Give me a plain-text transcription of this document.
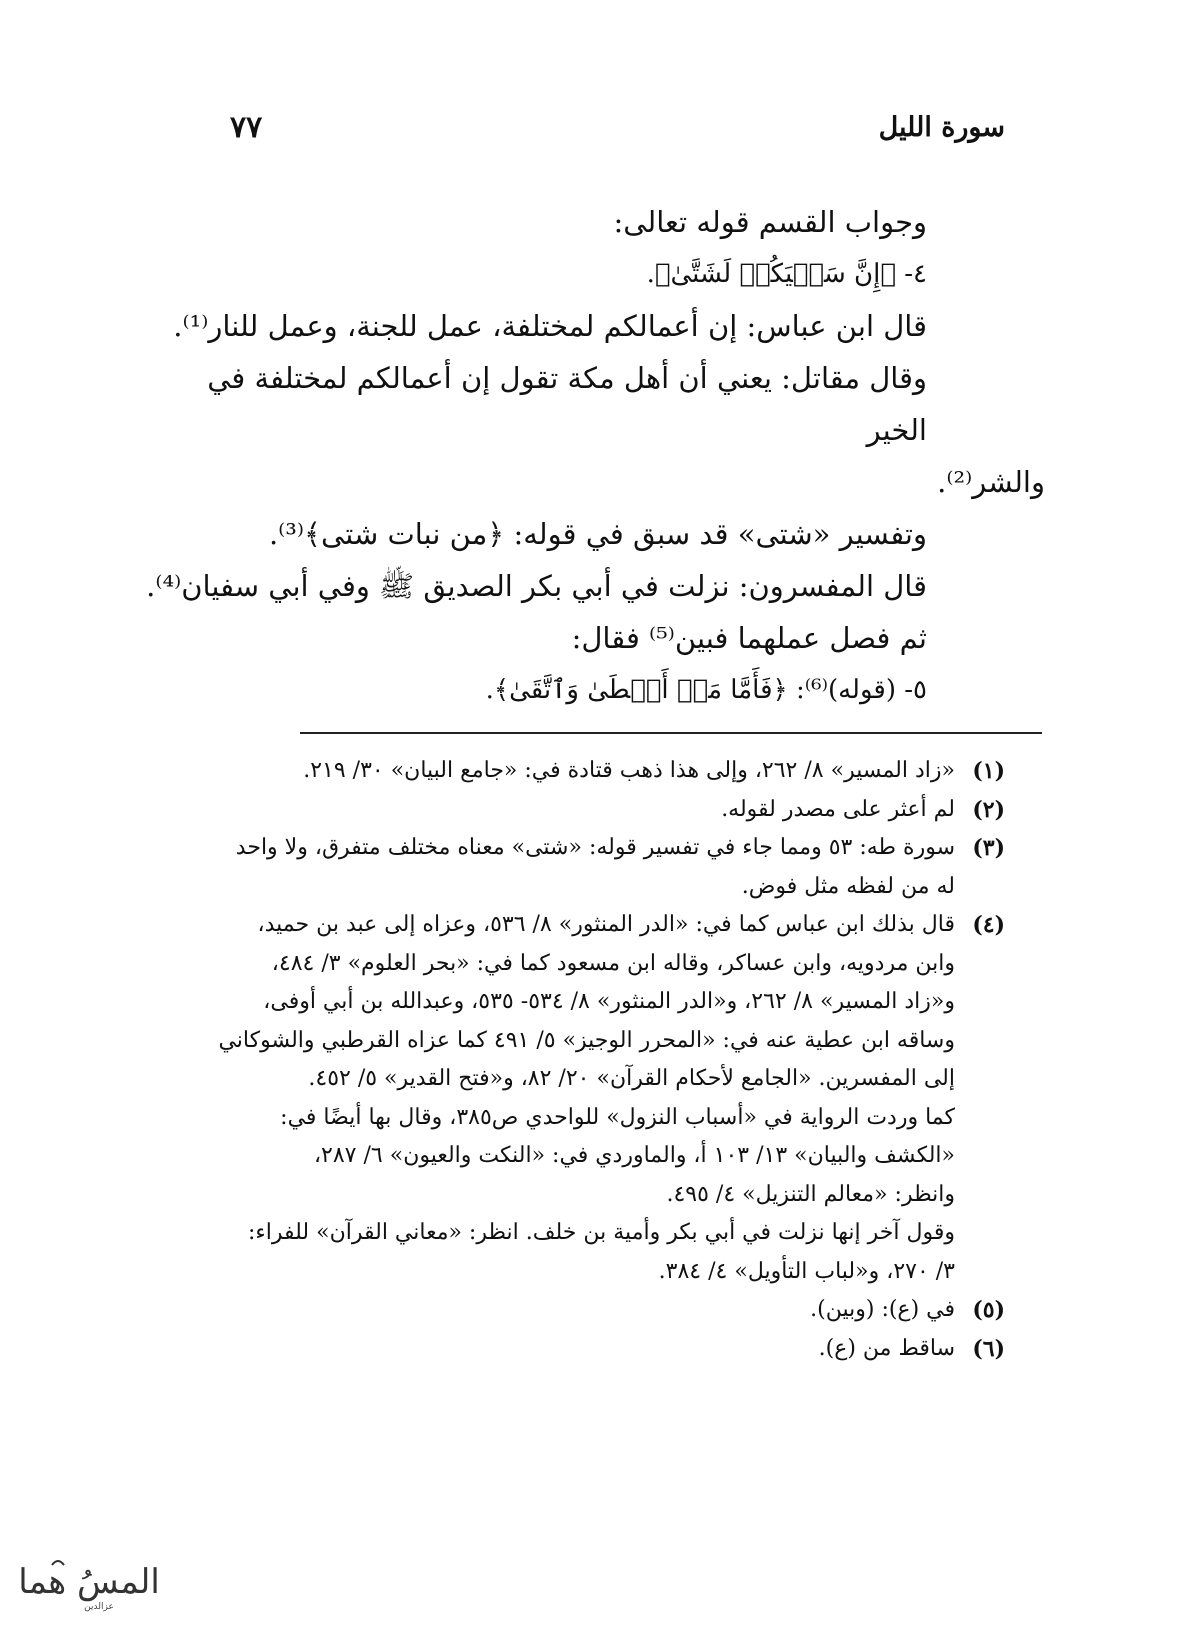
سورة الليل
٧٧

وجواب القسم قوله تعالى:

٤- ﴿إِنَّ سَعۡيَكُمۡ لَشَتَّىٰ﴾.

قال ابن عباس: إن أعمالكم لمختلفة، عمل للجنة، وعمل للنار⁽¹⁾.

وقال مقاتل: يعني أن أهل مكة تقول إن أعمالكم لمختلفة في الخير

والشر⁽²⁾.

وتفسير «شتى» قد سبق في قوله: ﴿من نبات شتى﴾⁽³⁾.

قال المفسرون: نزلت في أبي بكر الصديق ﷺ وفي أبي سفيان⁽⁴⁾.

ثم فصل عملهما فبين⁽⁵⁾ فقال:

٥- (قوله)⁽⁶⁾: ﴿فَأَمَّا مَنۡ أَعۡطَىٰ وَٱتَّقَىٰ﴾.

(١)

«زاد المسير» ٨/ ٢٦٢، وإلى هذا ذهب قتادة في: «جامع البيان» ٣٠/ ٢١٩.

(٢)

لم أعثر على مصدر لقوله.

(٣)

سورة طه: ٥٣ ومما جاء في تفسير قوله: «شتى» معناه مختلف متفرق، ولا واحد

له من لفظه مثل فوض.

(٤)

قال بذلك ابن عباس كما في: «الدر المنثور» ٨/ ٥٣٦، وعزاه إلى عبد بن حميد،

وابن مردويه، وابن عساكر، وقاله ابن مسعود كما في: «بحر العلوم» ٣/ ٤٨٤،

و«زاد المسير» ٨/ ٢٦٢، و«الدر المنثور» ٨/ ٥٣٤- ٥٣٥، وعبدالله بن أبي أوفى،

وساقه ابن عطية عنه في: «المحرر الوجيز» ٥/ ٤٩١ كما عزاه القرطبي والشوكاني

إلى المفسرين. «الجامع لأحكام القرآن» ٢٠/ ٨٢، و«فتح القدير» ٥/ ٤٥٢.

كما وردت الرواية في «أسباب النزول» للواحدي ص٣٨٥، وقال بها أيضًا في:

«الكشف والبيان» ١٣/ ١٠٣ أ، والماوردي في: «النكت والعيون» ٦/ ٢٨٧،

وانظر: «معالم التنزيل» ٤/ ٤٩٥.

وقول آخر إنها نزلت في أبي بكر وأمية بن خلف. انظر: «معاني القرآن» للفراء:

٣/ ٢٧٠، و«لباب التأويل» ٤/ ٣٨٤.

(٥)

في (ع): (وبين).

(٦)

ساقط من (ع).

المسُ هما
عزالدين
